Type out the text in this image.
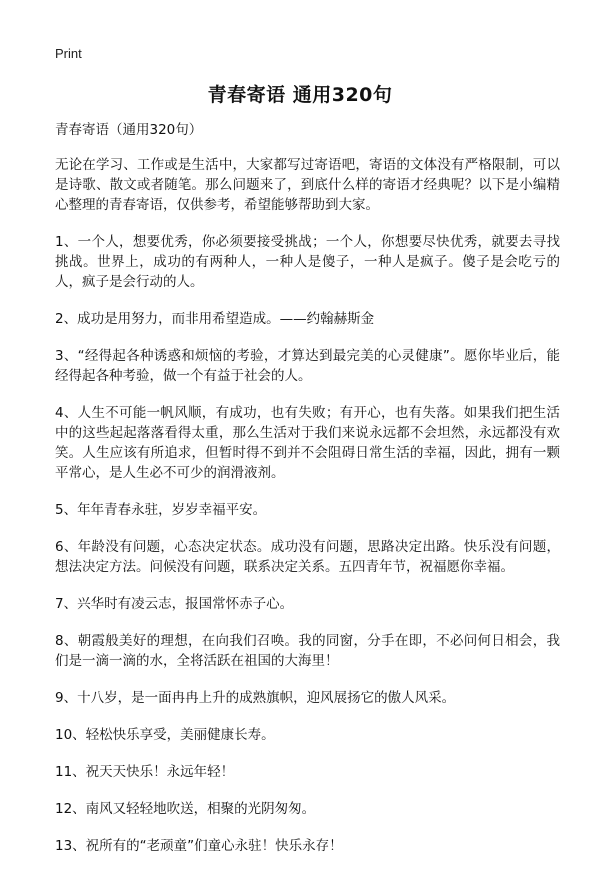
Print
青春寄语 通用320句

青春寄语（通用320句）

无论在学习、工作或是生活中，大家都写过寄语吧，寄语的文体没有严格限制，可以是诗歌、散文或者随笔。那么问题来了，到底什么样的寄语才经典呢？以下是小编精心整理的青春寄语，仅供参考，希望能够帮助到大家。

1、一个人，想要优秀，你必须要接受挑战；一个人，你想要尽快优秀，就要去寻找挑战。世界上，成功的有两种人，一种人是傻子，一种人是疯子。傻子是会吃亏的人，疯子是会行动的人。

2、成功是用努力，而非用希望造成。——约翰赫斯金

3、“经得起各种诱惑和烦恼的考验，才算达到最完美的心灵健康”。愿你毕业后，能经得起各种考验，做一个有益于社会的人。

4、人生不可能一帆风顺，有成功，也有失败；有开心，也有失落。如果我们把生活中的这些起起落落看得太重，那么生活对于我们来说永远都不会坦然，永远都没有欢笑。人生应该有所追求，但暂时得不到并不会阻碍日常生活的幸福，因此，拥有一颗平常心，是人生必不可少的润滑液剂。

5、年年青春永驻，岁岁幸福平安。

6、年龄没有问题，心态决定状态。成功没有问题，思路决定出路。快乐没有问题，想法决定方法。问候没有问题，联系决定关系。五四青年节，祝福愿你幸福。

7、兴华时有凌云志，报国常怀赤子心。

8、朝霞般美好的理想，在向我们召唤。我的同窗，分手在即，不必问何日相会，我们是一滴一滴的水，全将活跃在祖国的大海里！

9、十八岁，是一面冉冉上升的成熟旗帜，迎风展扬它的傲人风采。

10、轻松快乐享受，美丽健康长寿。

11、祝天天快乐！永远年轻！

12、南风又轻轻地吹送，相聚的光阴匆匆。

13、祝所有的“老顽童”们童心永驻！快乐永存！
